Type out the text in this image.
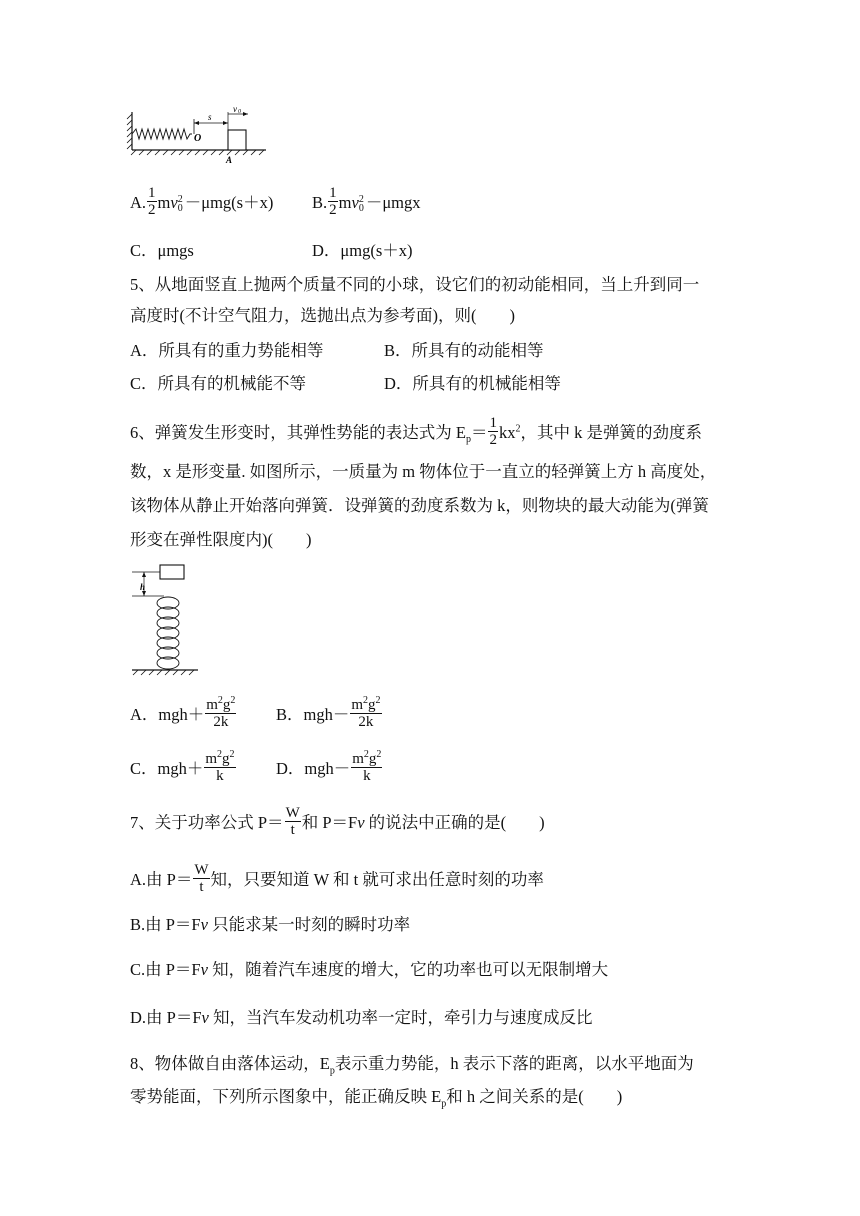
v 0
s
O
A
A. $\frac{1}{2}$ mv 2
0 －μmg(s＋x) B. $\frac{1}{2}$ mv 2
0 －μmgx
C．μmgs	D．μmg(s＋x)
5、从地面竖直上抛两个质量不同的小球，设它们的初动能相同，当上升到同一
高度时(不计空气阻力，选抛出点为参考面)，则(　　)
A．所具有的重力势能相等	B．所具有的动能相等
C．所具有的机械能不等	D．所具有的机械能相等
6、弹簧发生形变时，其弹性势能的表达式为 $E_p= \frac{1}{2} kx^2$，其中 k 是弹簧的劲度系
数，x 是形变量. 如图所示，一质量为 m 物体位于一直立的轻弹簧上方 h 高度处，
该物体从静止开始落向弹簧．设弹簧的劲度系数为 k，则物块的最大动能为(弹簧
形变在弹性限度内)(　　)
h
A．$mgh+ \frac{m^2g^2}{2k}$ B．$mgh- \frac{m^2g^2}{2k}$
C．$mgh+ \frac{m^2g^2}{k}$ D．$mgh- \frac{m^2g^2}{k}$
7、关于功率公式 $P= \frac{W}{t}$ 和 P＝Fv 的说法中正确的是(　　)
A.由 $P= \frac{W}{t}$ 知，只要知道 W 和 t 就可求出任意时刻的功率
B.由 P＝Fv 只能求某一时刻的瞬时功率
C.由 P＝Fv 知，随着汽车速度的增大，它的功率也可以无限制增大
D.由 P＝Fv 知，当汽车发动机功率一定时，牵引力与速度成反比
8、物体做自由落体运动，$E_p$表示重力势能，h 表示下落的距离，以水平地面为
零势能面，下列所示图象中，能正确反映 $E_p$和 h 之间关系的是(　　)
